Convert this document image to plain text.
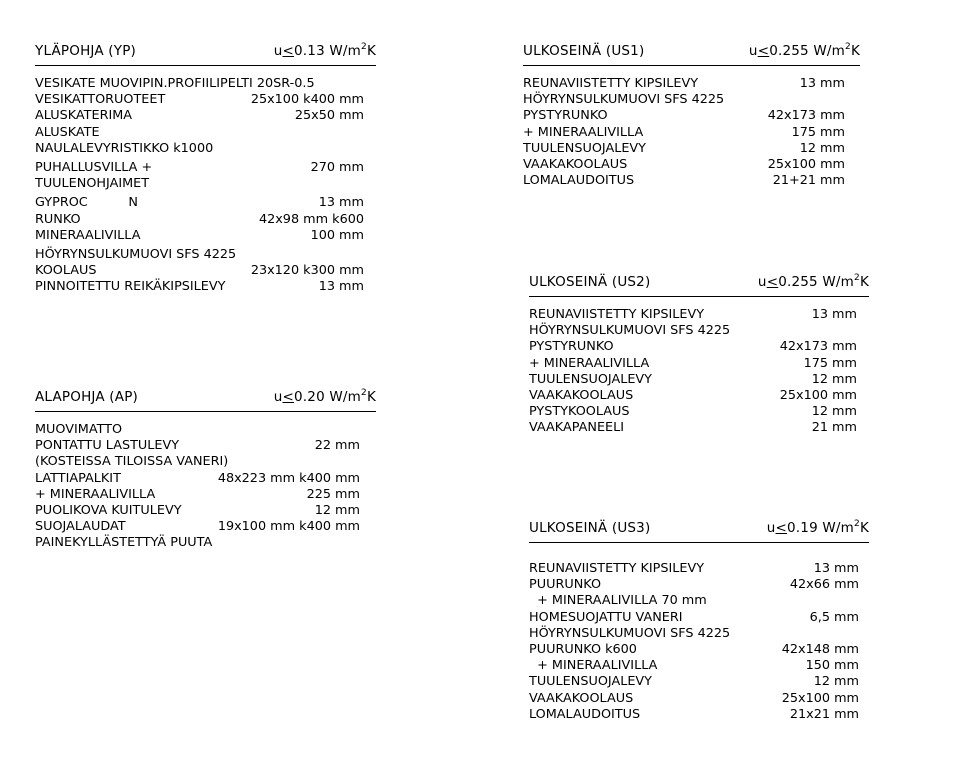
YLÄPOHJA (YP)	u<0.13 $W/m^2K$
VESIKATE MUOVIPIN.PROFIILIPELTI 20SR-0.5
VESIKATTORUOTEET	25x100 k400 mm
ALUSKATERIMA	25x50 mm
ALUSKATE
NAULALEVYRISTIKKO k1000
PUHALLUSVILLA +	270 mm
TUULENOHJAIMET
GYPROC          N	13 mm
RUNKO	42x98 mm k600
MINERAALIVILLA	100 mm
HÖYRYNSULKUMUOVI SFS 4225
KOOLAUS	23x120 k300 mm
PINNOITETTU REIKÄKIPSILEVY	13 mm
ALAPOHJA (AP)	u<0.20 $W/m^2K$
MUOVIMATTO
PONTATTU LASTULEVY	22 mm
(KOSTEISSA TILOISSA VANERI)
LATTIAPALKIT	48x223 mm k400 mm
+ MINERAALIVILLA	225 mm
PUOLIKOVA KUITULEVY	12 mm
SUOJALAUDAT	19x100 mm k400 mm
PAINEKYLLÄSTETTYÄ PUUTA
ULKOSEINÄ (US1)	u<0.255 $W/m^2K$
REUNAVIISTETTY KIPSILEVY	13 mm
HÖYRYNSULKUMUOVI SFS 4225
PYSTYRUNKO	42x173 mm
+ MINERAALIVILLA	175 mm
TUULENSUOJALEVY	12 mm
VAAKAKOOLAUS	25x100 mm
LOMALAUDOITUS	21+21 mm
ULKOSEINÄ (US2)	u<0.255 $W/m^2K$
REUNAVIISTETTY KIPSILEVY	13 mm
HÖYRYNSULKUMUOVI SFS 4225
PYSTYRUNKO	42x173 mm
+ MINERAALIVILLA	175 mm
TUULENSUOJALEVY	12 mm
VAAKAKOOLAUS	25x100 mm
PYSTYKOOLAUS	12 mm
VAAKAPANEELI	21 mm
ULKOSEINÄ (US3)	u<0.19 $W/m^2K$
REUNAVIISTETTY KIPSILEVY	13 mm
PUURUNKO	42x66 mm
+ MINERAALIVILLA 70 mm
HOMESUOJATTU VANERI	6,5 mm
HÖYRYNSULKUMUOVI SFS 4225
PUURUNKO k600	42x148 mm
+ MINERAALIVILLA	150 mm
TUULENSUOJALEVY	12 mm
VAAKAKOOLAUS	25x100 mm
LOMALAUDOITUS	21x21 mm
